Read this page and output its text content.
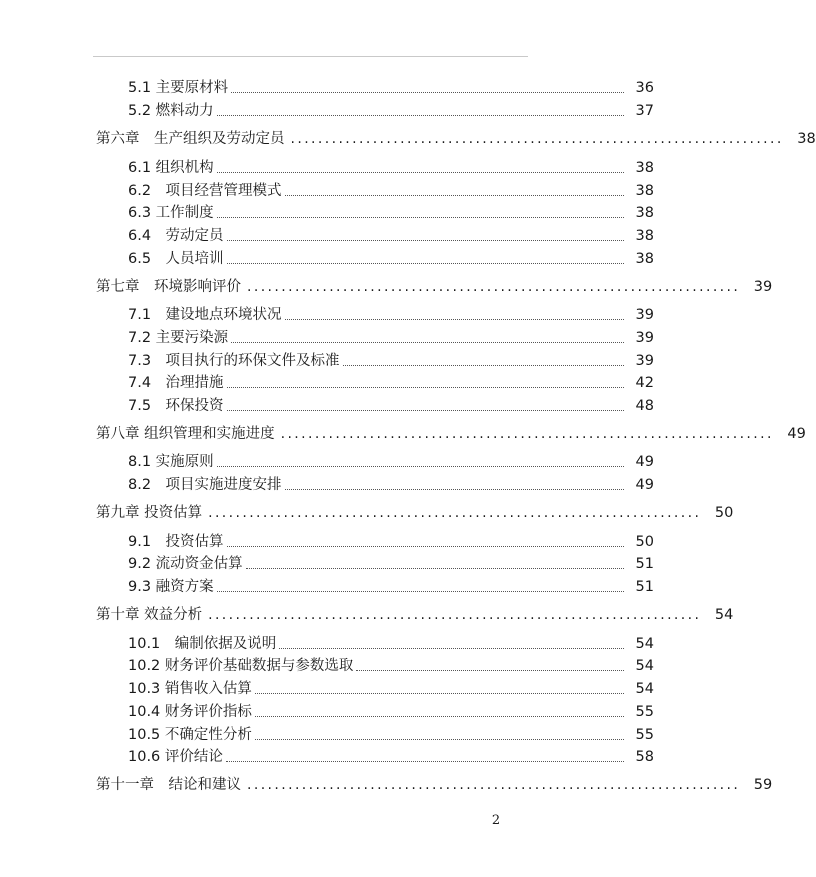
5.1 主要原材料	36
5.2 燃料动力	37
第六章　生产组织及劳动定员 .....	38
6.1 组织机构	38
6.2　项目经营管理模式	38
6.3 工作制度	38
6.4　劳动定员	38
6.5　人员培训	38
第七章　环境影响评价 .....	39
7.1　建设地点环境状况	39
7.2 主要污染源	39
7.3　项目执行的环保文件及标准	39
7.4　治理措施	42
7.5　环保投资	48
第八章 组织管理和实施进度 .....	49
8.1 实施原则	49
8.2　项目实施进度安排	49
第九章 投资估算 .....	50
9.1　投资估算	50
9.2 流动资金估算	51
9.3 融资方案	51
第十章 效益分析 .....	54
10.1　编制依据及说明	54
10.2 财务评价基础数据与参数选取	54
10.3 销售收入估算	54
10.4 财务评价指标	55
10.5 不确定性分析	55
10.6 评价结论	58
第十一章　结论和建议 .....	59
2
